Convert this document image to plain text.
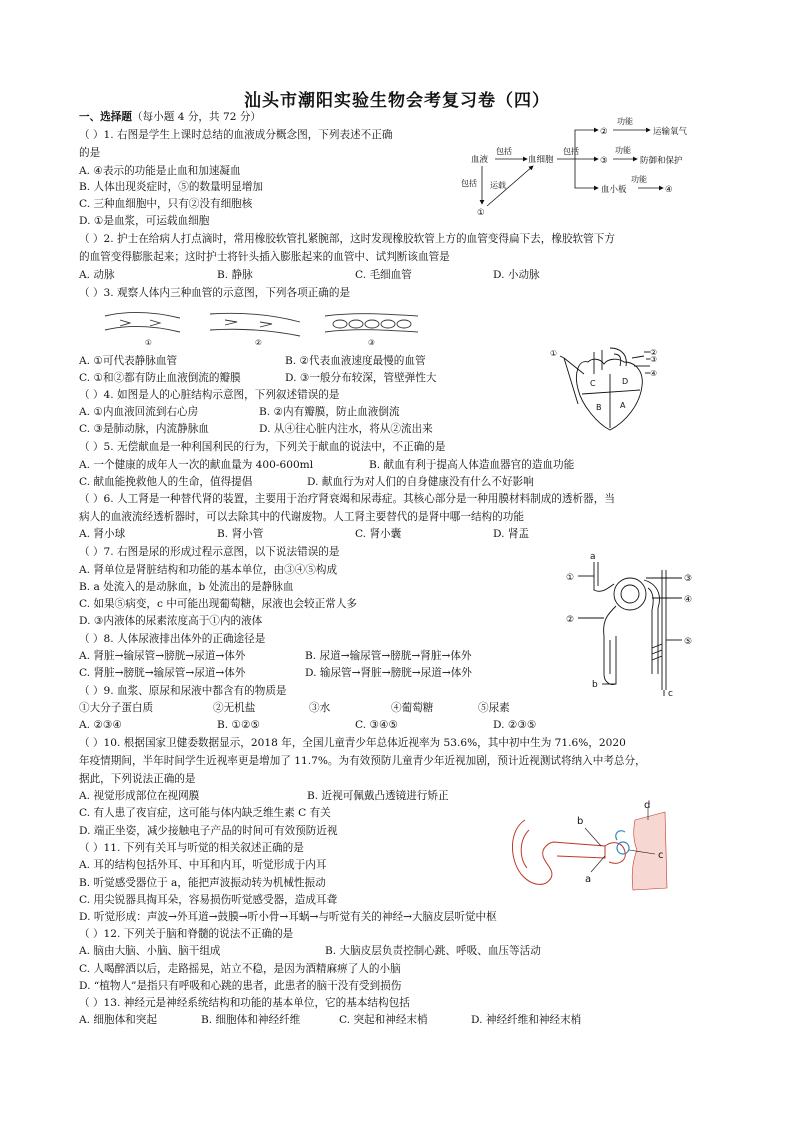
汕头市潮阳实验生物会考复习卷（四）
一、选择题（每小题 4 分，共 72 分）
（ ）1. 右图是学生上课时总结的血液成分概念图，下列表述不正确
的是
A. ④表示的功能是止血和加速凝血
B. 人体出现炎症时，⑤的数量明显增加
C. 三种血细胞中，只有②没有细胞核
D. ①是血浆，可运载血细胞
（ ）2. 护士在给病人打点滴时，常用橡胶软管扎紧腕部，这时发现橡胶软管上方的血管变得扁下去，橡胶软管下方
的血管变得膨胀起来；这时护士将针头插入膨胀起来的血管中、试判断该血管是
A. 动脉	B. 静脉	C. 毛细血管	D. 小动脉
（ ）3. 观察人体内三种血管的示意图，下列各项正确的是
A. ①可代表静脉血管	B. ②代表血液速度最慢的血管
C. ①和②都有防止血液倒流的瓣膜	D. ③一般分布较深，管壁弹性大
（ ）4. 如图是人的心脏结构示意图，下列叙述错误的是
A. ①内血液回流到右心房	B. ②内有瓣膜，防止血液倒流
C. ③是肺动脉，内流静脉血	D. 从④往心脏内注水，将从②流出来
（ ）5. 无偿献血是一种利国利民的行为，下列关于献血的说法中，不正确的是
A. 一个健康的成年人一次的献血量为 400-600ml	B. 献血有利于提高人体造血器官的造血功能
C. 献血能挽救他人的生命，值得提倡	D. 献血行为对人们的自身健康没有什么不好影响
（ ）6. 人工肾是一种替代肾的装置，主要用于治疗肾衰竭和尿毒症。其核心部分是一种用膜材料制成的透析器，当
病人的血液流经透析器时，可以去除其中的代谢废物。人工肾主要替代的是肾中哪一结构的功能
A. 肾小球	B. 肾小管	C. 肾小囊	D. 肾盂
（ ）7. 右图是尿的形成过程示意图，以下说法错误的是
A. 肾单位是肾脏结构和功能的基本单位，由③④⑤构成
B. a 处流入的是动脉血，b 处流出的是静脉血
C. 如果⑤病变，c 中可能出现葡萄糖，尿液也会较正常人多
D. ③内液体的尿素浓度高于①内的液体
（ ）8. 人体尿液排出体外的正确途径是
A. 肾脏→输尿管→膀胱→尿道→体外	B. 尿道→输尿管→膀胱→肾脏→体外
C. 肾脏→膀胱→输尿管→尿道→体外	D. 输尿管→肾脏→膀胱→尿道→体外
（ ）9. 血浆、原尿和尿液中都含有的物质是
①大分子蛋白质	②无机盐	③水	④葡萄糖	⑤尿素
A. ②③④	B. ①②⑤	C. ③④⑤	D. ②③⑤
（ ）10. 根据国家卫健委数据显示，2018 年，全国儿童青少年总体近视率为 53.6%，其中初中生为 71.6%，2020
年疫情期间，半年时间学生近视率更是增加了 11.7%。为有效预防儿童青少年近视加剧，预计近视测试将纳入中考总分，
据此，下列说法正确的是
A. 视觉形成部位在视网膜	B. 近视可佩戴凸透镜进行矫正
C. 有人患了夜盲症，这可能与体内缺乏维生素 C 有关
D. 端正坐姿，减少接触电子产品的时间可有效预防近视
（ ）11. 下列有关耳与听觉的相关叙述正确的是
A. 耳的结构包括外耳、中耳和内耳，听觉形成于内耳
B. 听觉感受器位于 a，能把声波振动转为机械性振动
C. 用尖锐器具掏耳朵，容易损伤听觉感受器，造成耳聋
D. 听觉形成：声波→外耳道→鼓膜→听小骨→耳蜗→与听觉有关的神经→大脑皮层听觉中枢
（ ）12. 下列关于脑和脊髓的说法不正确的是
A. 脑由大脑、小脑、脑干组成	B. 大脑皮层负责控制心跳、呼吸、血压等活动
C. 人喝醉酒以后，走路摇晃，站立不稳，是因为酒精麻痹了人的小脑
D. “植物人”是指只有呼吸和心跳的患者，此患者的脑干没有受到损伤
（ ）13. 神经元是神经系统结构和功能的基本单位，它的基本结构包括
A. 细胞体和突起	B. 细胞体和神经纤维	C. 突起和神经末梢	D. 神经纤维和神经末梢
血液
包括
包括 运载
①
血细胞
包括
②
③
血小板
功能
功能
功能
运输氧气
防御和保护
④
①	②	③
①	②
③
④
C	D
B A
a
①
②
③
④
⑤
b
c
b
d
c
a
